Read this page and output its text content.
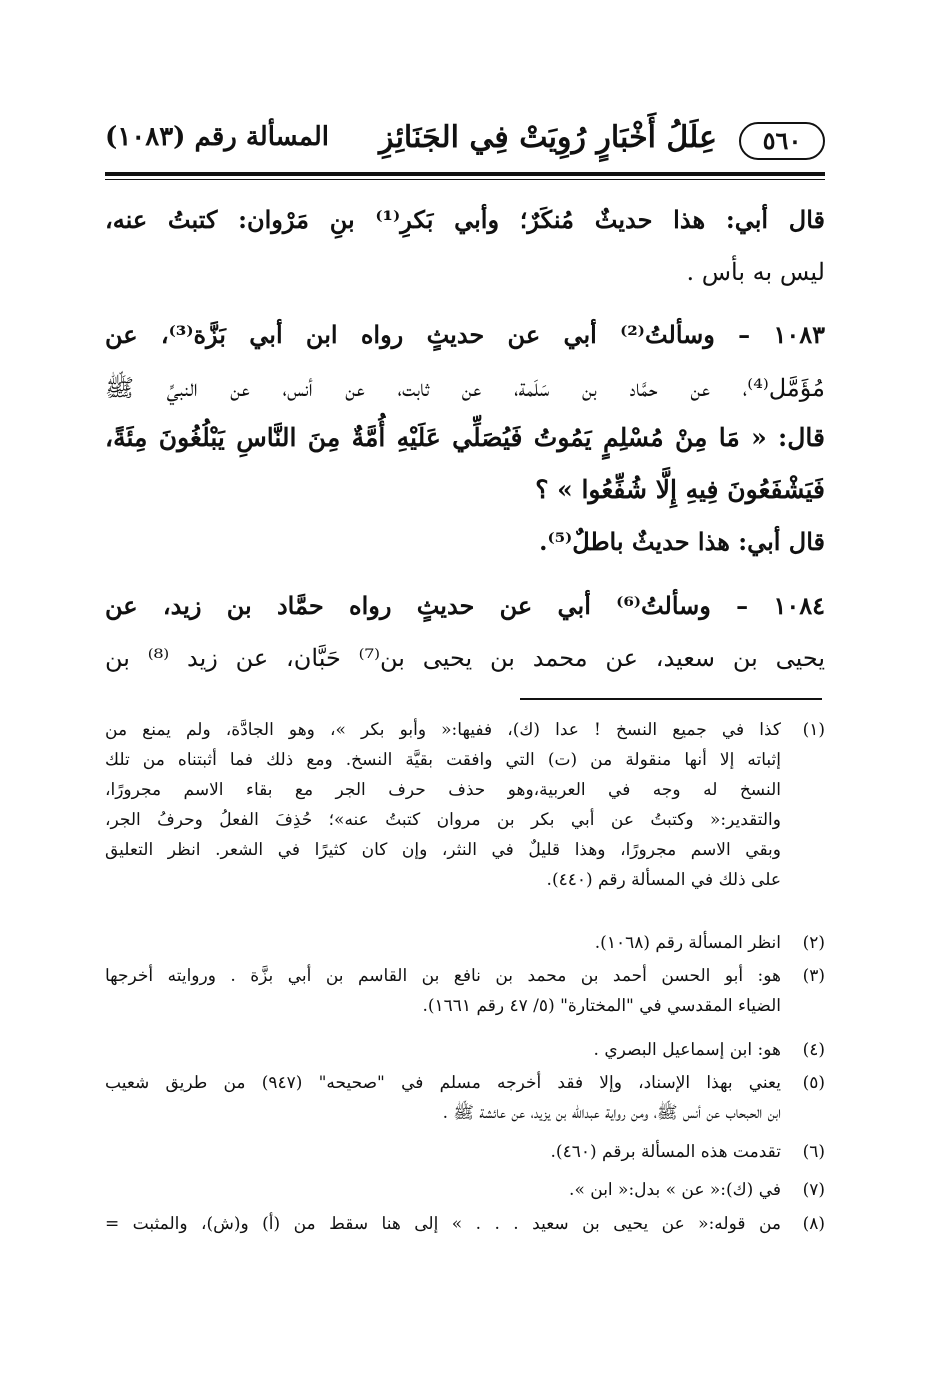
٥٦٠
عِلَلُ أَخْبَارٍ رُوِيَتْ فِي الجَنَائِزِ
المسألة رقم (١٠٨٣)
قال أبي: هذا حديثٌ مُنكَرٌ؛ وأبي بَكرِ⁽¹⁾ بنِ مَرْوان: كتبتُ عنه،
ليس به بأس .
١٠٨٣ – وسألتُ⁽²⁾ أبي عن حديثٍ رواه ابن أبي بَزَّة⁽³⁾، عن
مُؤَمَّل⁽⁴⁾، عن حمَّاد بن سَلَمة، عن ثابت، عن أنس، عن النبيِّ ﷺ
قال: « مَا مِنْ مُسْلِمٍ يَمُوتُ فَيُصَلِّي عَلَيْهِ أُمَّةٌ مِنَ النَّاسِ يَبْلُغُونَ مِئَةً،
فَيَشْفَعُونَ فِيهِ إِلَّا شُفِّعُوا » ؟
قال أبي: هذا حديثٌ باطلٌ⁽⁵⁾.
١٠٨٤ – وسألتُ⁽⁶⁾ أبي عن حديثٍ رواه حمَّاد بن زيد، عن
يحيى بن سعيد، عن محمد بن يحيى بن⁽⁷⁾ حَبَّان، عن زيد ⁽⁸⁾ بن
(١)
كذا في جميع النسخ ! عدا (ك)، ففيها:« وأبو بكر »، وهو الجادَّة، ولم يمنع من
إثباته إلا أنها منقولة من (ت) التي وافقت بقيَّة النسخ. ومع ذلك فما أثبتناه من تلك
النسخ له وجه في العربية،وهو حذف حرف الجر مع بقاء الاسم مجرورًا،
والتقدير:« وكتبتُ عن أبي بكر بن مروان كتبتُ عنه»؛ حُذِفَ الفعلُ وحرفُ الجر،
وبقي الاسم مجرورًا، وهذا قليلٌ في النثر، وإن كان كثيرًا في الشعر. انظر التعليق
على ذلك في المسألة رقم (٤٤٠).
(٢)
انظر المسألة رقم (١٠٦٨).
(٣)
هو: أبو الحسن أحمد بن محمد بن نافع بن القاسم بن أبي بزَّة . وروايته أخرجها
الضياء المقدسي في "المختارة" (٥/ ٤٧ رقم ١٦٦١).
(٤)
هو: ابن إسماعيل البصري .
(٥)
يعني بهذا الإسناد، وإلا فقد أخرجه مسلم في "صحيحه" (٩٤٧) من طريق شعيب
ابن الحبحاب عن أنس ﷺ، ومن رواية عبدالله بن يزيد، عن عائشة ﷺ .
(٦)
تقدمت هذه المسألة برقم (٤٦٠).
(٧)
في (ك):« عن » بدل:« ابن ».
(٨)
من قوله:« عن يحيى بن سعيد . . . » إلى هنا سقط من (أ) و(ش)، والمثبت =
